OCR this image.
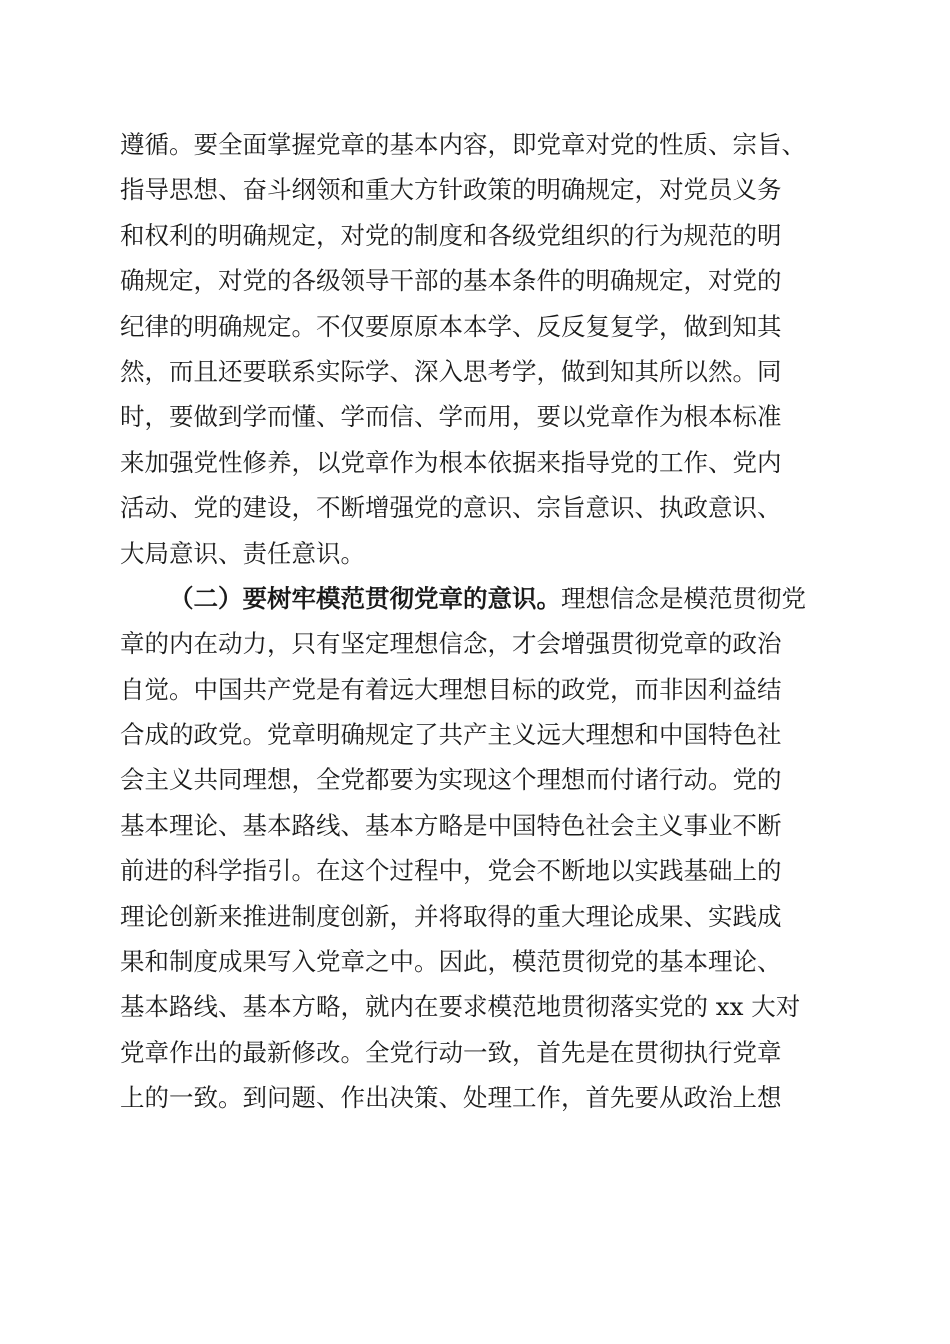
遵循。要全面掌握党章的基本内容，即党章对党的性质、宗旨、
指导思想、奋斗纲领和重大方针政策的明确规定，对党员义务
和权利的明确规定，对党的制度和各级党组织的行为规范的明
确规定，对党的各级领导干部的基本条件的明确规定，对党的
纪律的明确规定。不仅要原原本本学、反反复复学，做到知其
然，而且还要联系实际学、深入思考学，做到知其所以然。同
时，要做到学而懂、学而信、学而用，要以党章作为根本标准
来加强党性修养，以党章作为根本依据来指导党的工作、党内
活动、党的建设，不断增强党的意识、宗旨意识、执政意识、
大局意识、责任意识。
（二）要树牢模范贯彻党章的意识。理想信念是模范贯彻党
章的内在动力，只有坚定理想信念，才会增强贯彻党章的政治
自觉。中国共产党是有着远大理想目标的政党，而非因利益结
合成的政党。党章明确规定了共产主义远大理想和中国特色社
会主义共同理想，全党都要为实现这个理想而付诸行动。党的
基本理论、基本路线、基本方略是中国特色社会主义事业不断
前进的科学指引。在这个过程中，党会不断地以实践基础上的
理论创新来推进制度创新，并将取得的重大理论成果、实践成
果和制度成果写入党章之中。因此，模范贯彻党的基本理论、
基本路线、基本方略，就内在要求模范地贯彻落实党的 xx 大对
党章作出的最新修改。全党行动一致，首先是在贯彻执行党章
上的一致。到问题、作出决策、处理工作，首先要从政治上想
